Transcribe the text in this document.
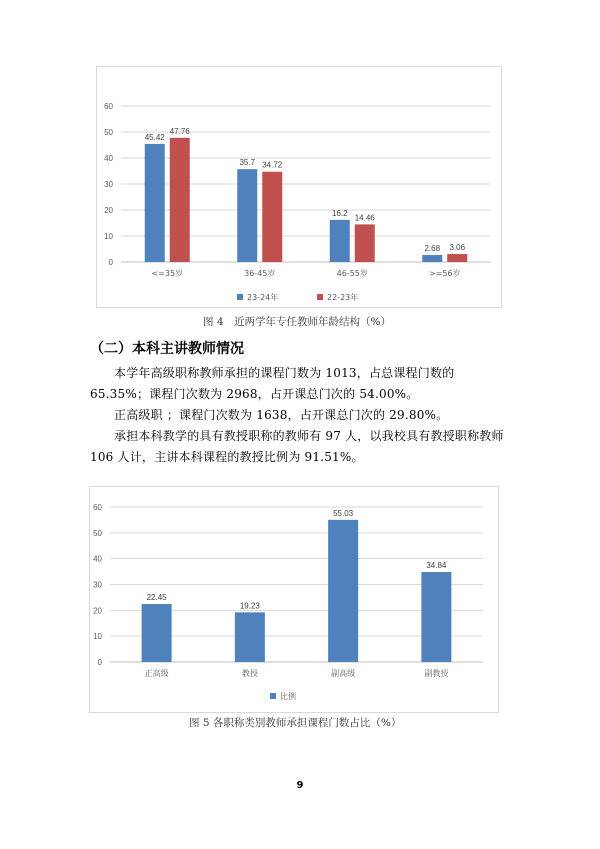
0
10
20
30
40
50
60
45.42
47.76
<=35岁
35.7 34.72
36-45岁
16.2
14.46
46-55岁
2.68 3.06
>=56岁
23-24年	22-23年
图 4　近两学年专任教师年龄结构（%）
（二）本科主讲教师情况
本学年高级职称教师承担的课程门数为 1013，占总课程门数的 65.35%；课程门次数为 2968，占开课总门次的 54.00%。
正高级职 ；课程门次数为 1638，占开课总门次的 29.80%。
承担本科教学的具有教授职称的教师有 97 人，以我校具有教授职称教师 106 人计，主讲本科课程的教授比例为 91.51%。
0
10
20
30
40
50
60
22.45
正高级
19.23
教授
55.03
副高级
34.84
副教授
比例
图 5 各职称类别教师承担课程门数占比（%）
9
